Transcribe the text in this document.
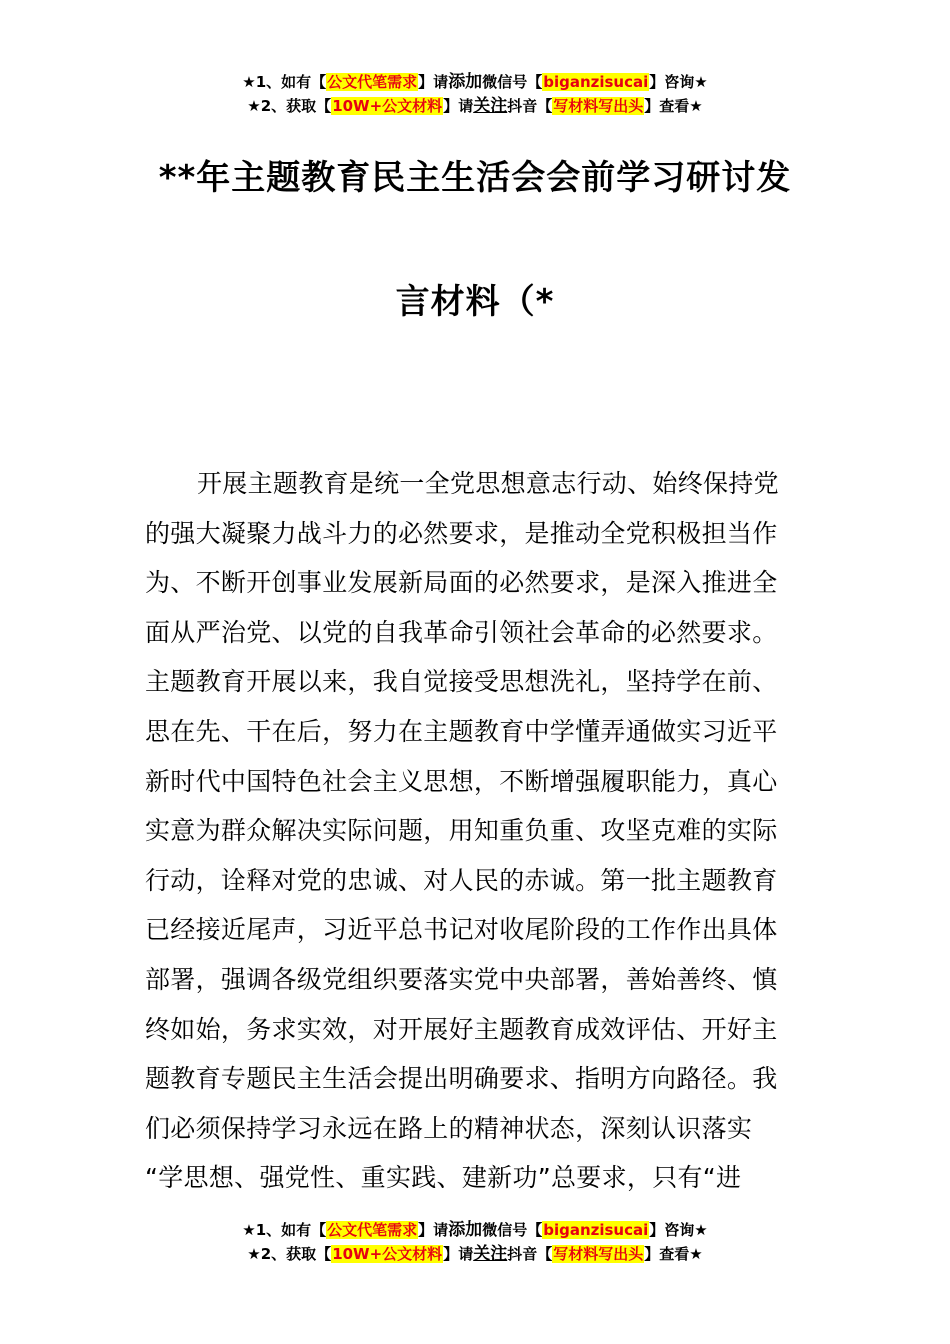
★1、如有【公文代笔需求】请添加微信号【biganzisucai】咨询★
★2、获取【10W+公文材料】请关注抖音【写材料写出头】查看★
**年主题教育民主生活会会前学习研讨发
言材料（*
开展主题教育是统一全党思想意志行动、始终保持党
的强大凝聚力战斗力的必然要求，是推动全党积极担当作
为、不断开创事业发展新局面的必然要求，是深入推进全
面从严治党、以党的自我革命引领社会革命的必然要求。
主题教育开展以来，我自觉接受思想洗礼，坚持学在前、
思在先、干在后，努力在主题教育中学懂弄通做实习近平
新时代中国特色社会主义思想，不断增强履职能力，真心
实意为群众解决实际问题，用知重负重、攻坚克难的实际
行动，诠释对党的忠诚、对人民的赤诚。第一批主题教育
已经接近尾声，习近平总书记对收尾阶段的工作作出具体
部署，强调各级党组织要落实党中央部署，善始善终、慎
终如始，务求实效，对开展好主题教育成效评估、开好主
题教育专题民主生活会提出明确要求、指明方向路径。我
们必须保持学习永远在路上的精神状态，深刻认识落实
“学思想、强党性、重实践、建新功”总要求，只有“进
★1、如有【公文代笔需求】请添加微信号【biganzisucai】咨询★
★2、获取【10W+公文材料】请关注抖音【写材料写出头】查看★
